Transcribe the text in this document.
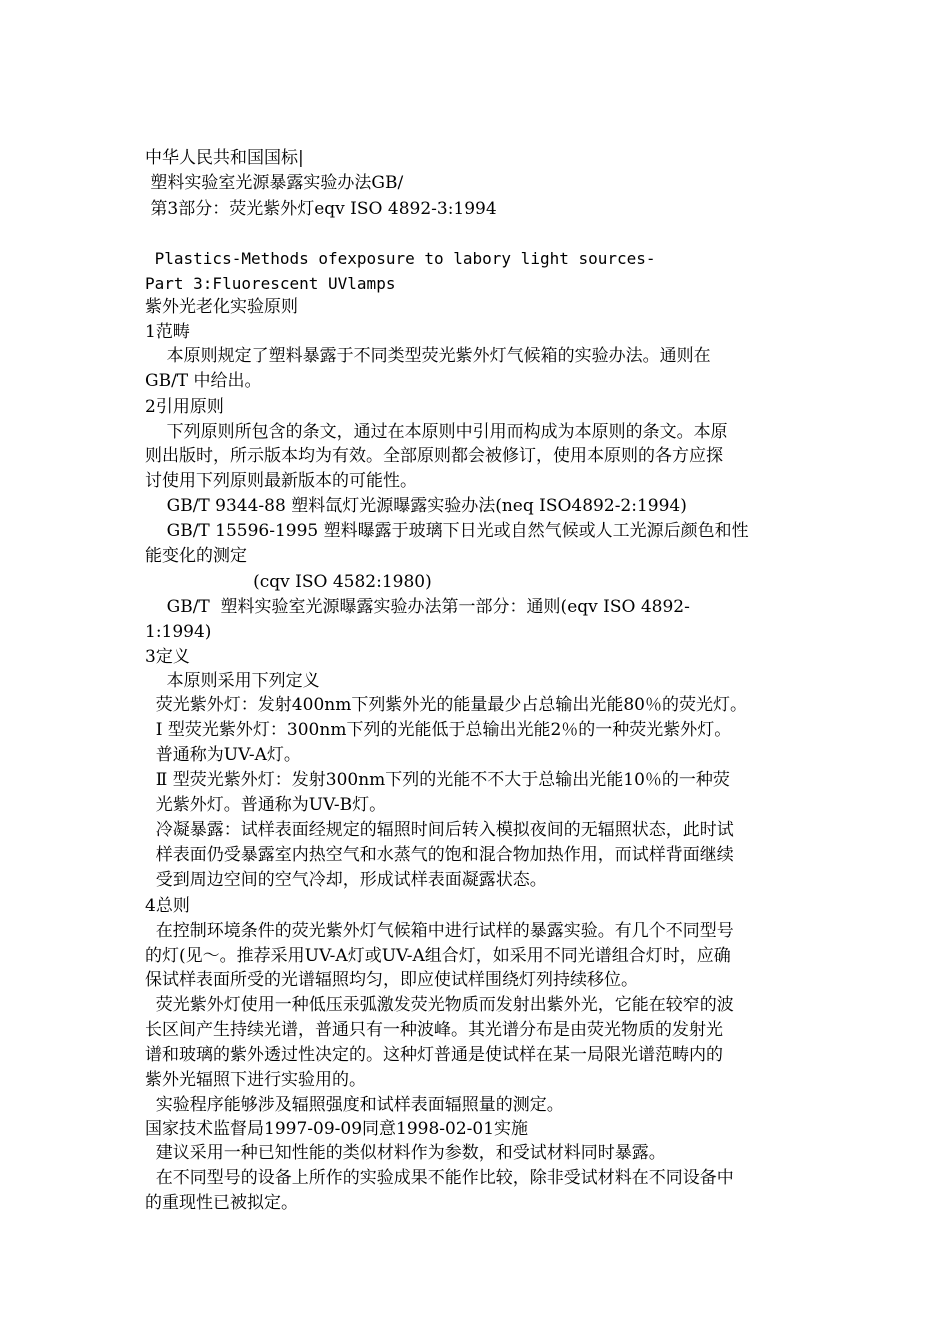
中华人民共和国国标|
塑料实验室光源暴露实验办法GB/
第3部分：荧光紫外灯eqv ISO 4892-3:1994
Plastics-Methods ofexposure to labory light sources-
Part 3:Fluorescent UVlamps
紫外光老化实验原则
1范畴
本原则规定了塑料暴露于不同类型荧光紫外灯气候箱的实验办法。通则在
GB/T 中给出。
2引用原则
下列原则所包含的条文，通过在本原则中引用而构成为本原则的条文。本原
则出版时，所示版本均为有效。全部原则都会被修订，使用本原则的各方应探
讨使用下列原则最新版本的可能性。
GB/T 9344-88 塑料氙灯光源曝露实验办法(neq ISO4892-2:1994)
GB/T 15596-1995 塑料曝露于玻璃下日光或自然气候或人工光源后颜色和性
能变化的测定
(cqv ISO 4582:1980)
GB/T  塑料实验室光源曝露实验办法第一部分：通则(eqv ISO 4892-
1:1994)
3定义
本原则采用下列定义
荧光紫外灯：发射400nm下列紫外光的能量最少占总输出光能80％的荧光灯。
Ⅰ 型荧光紫外灯：300nm下列的光能低于总输出光能2％的一种荧光紫外灯。
普通称为UV-A灯。
Ⅱ 型荧光紫外灯：发射300nm下列的光能不不大于总输出光能10％的一种荧
光紫外灯。普通称为UV-B灯。
冷凝暴露：试样表面经规定的辐照时间后转入模拟夜间的无辐照状态，此时试
样表面仍受暴露室内热空气和水蒸气的饱和混合物加热作用，而试样背面继续
受到周边空间的空气冷却，形成试样表面凝露状态。
4总则
在控制环境条件的荧光紫外灯气候箱中进行试样的暴露实验。有几个不同型号
的灯(见～。推荐采用UV-A灯或UV-A组合灯，如采用不同光谱组合灯时，应确
保试样表面所受的光谱辐照均匀，即应使试样围绕灯列持续移位。
荧光紫外灯使用一种低压汞弧激发荧光物质而发射出紫外光，它能在较窄的波
长区间产生持续光谱，普通只有一种波峰。其光谱分布是由荧光物质的发射光
谱和玻璃的紫外透过性决定的。这种灯普通是使试样在某一局限光谱范畴内的
紫外光辐照下进行实验用的。
实验程序能够涉及辐照强度和试样表面辐照量的测定。
国家技术监督局1997-09-09同意1998-02-01实施
建议采用一种已知性能的类似材料作为参数，和受试材料同时暴露。
在不同型号的设备上所作的实验成果不能作比较，除非受试材料在不同设备中
的重现性已被拟定。
